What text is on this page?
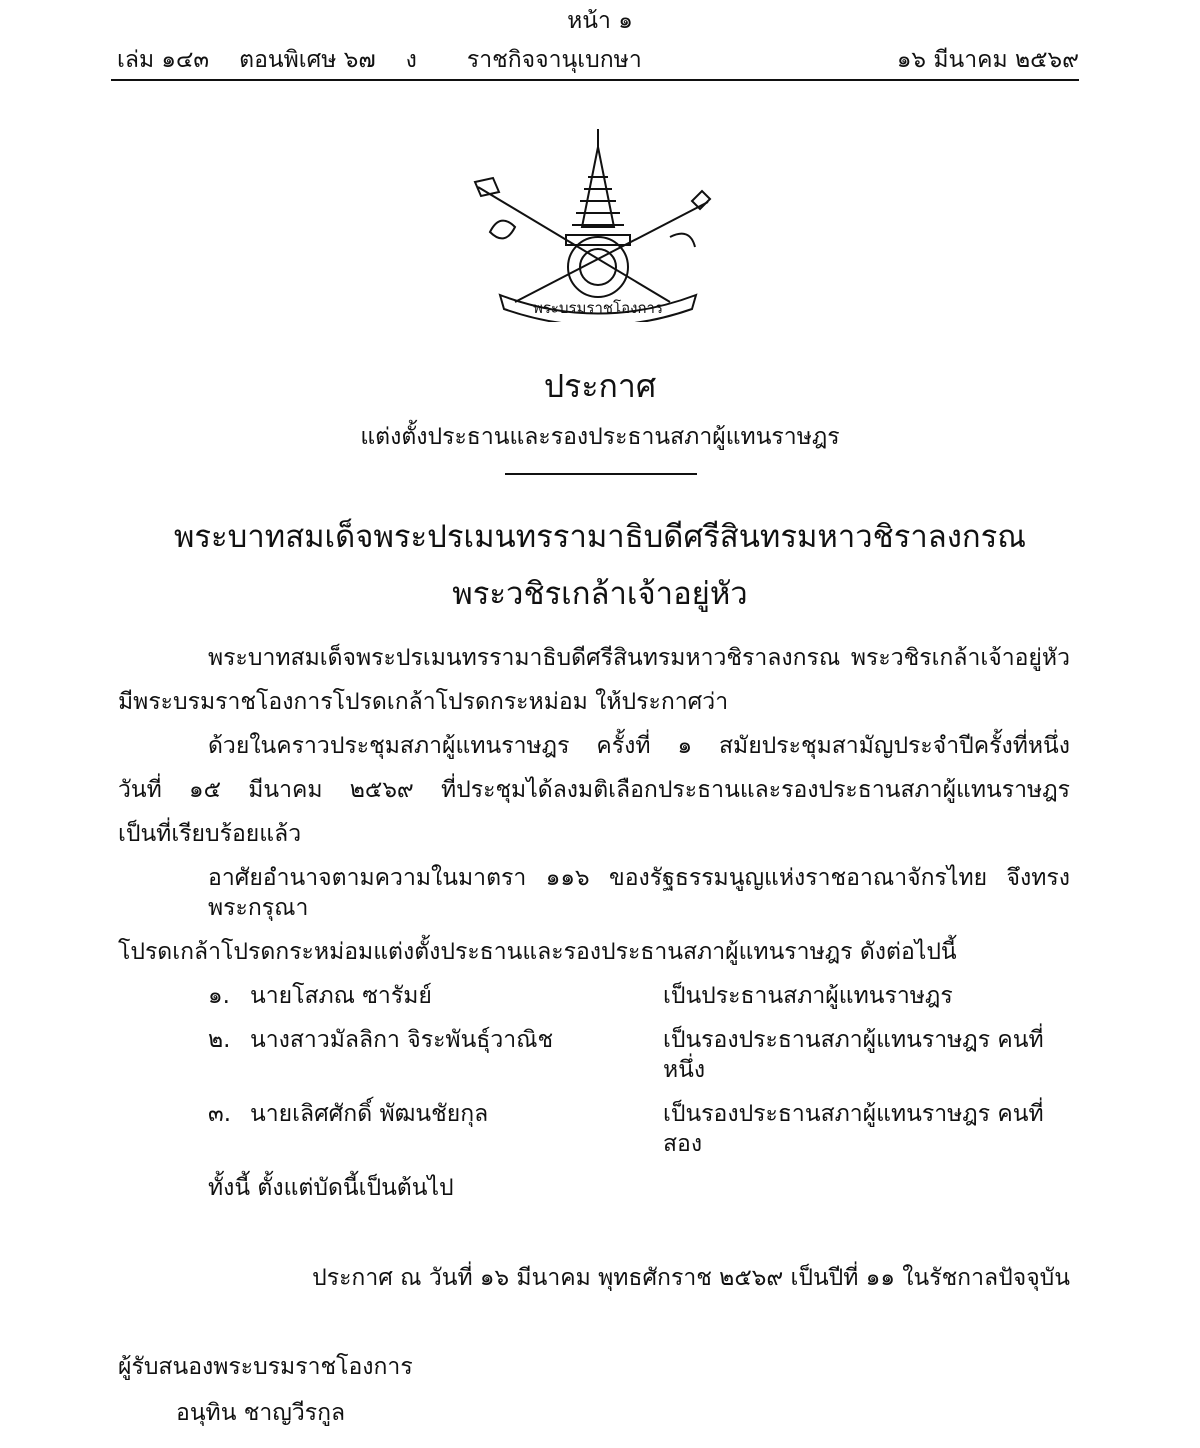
หน้า ๑
เล่ม ๑๔๓ ตอนพิเศษ ๖๗ ง ราชกิจจานุเบกษา	๑๖ มีนาคม ๒๕๖๙
พระบรมราชโองการ
ประกาศ
แต่งตั้งประธานและรองประธานสภาผู้แทนราษฎร
พระบาทสมเด็จพระปรเมนทรรามาธิบดีศรีสินทรมหาวชิราลงกรณ
พระวชิรเกล้าเจ้าอยู่หัว
พระบาทสมเด็จพระปรเมนทรรามาธิบดีศรีสินทรมหาวชิราลงกรณ พระวชิรเกล้าเจ้าอยู่หัว
มีพระบรมราชโองการโปรดเกล้าโปรดกระหม่อม ให้ประกาศว่า
ด้วยในคราวประชุมสภาผู้แทนราษฎร ครั้งที่ ๑ สมัยประชุมสามัญประจำปีครั้งที่หนึ่ง
วันที่ ๑๕ มีนาคม ๒๕๖๙ ที่ประชุมได้ลงมติเลือกประธานและรองประธานสภาผู้แทนราษฎร
เป็นที่เรียบร้อยแล้ว
อาศัยอำนาจตามความในมาตรา ๑๑๖ ของรัฐธรรมนูญแห่งราชอาณาจักรไทย จึงทรงพระกรุณา
โปรดเกล้าโปรดกระหม่อมแต่งตั้งประธานและรองประธานสภาผู้แทนราษฎร ดังต่อไปนี้
๑. นายโสภณ ซารัมย์	เป็นประธานสภาผู้แทนราษฎร
๒. นางสาวมัลลิกา จิระพันธุ์วาณิช	เป็นรองประธานสภาผู้แทนราษฎร คนที่หนึ่ง
๓. นายเลิศศักดิ์ พัฒนชัยกุล	เป็นรองประธานสภาผู้แทนราษฎร คนที่สอง
ทั้งนี้ ตั้งแต่บัดนี้เป็นต้นไป
ประกาศ ณ วันที่ ๑๖ มีนาคม พุทธศักราช ๒๕๖๙ เป็นปีที่ ๑๑ ในรัชกาลปัจจุบัน
ผู้รับสนองพระบรมราชโองการ
อนุทิน ชาญวีรกูล
